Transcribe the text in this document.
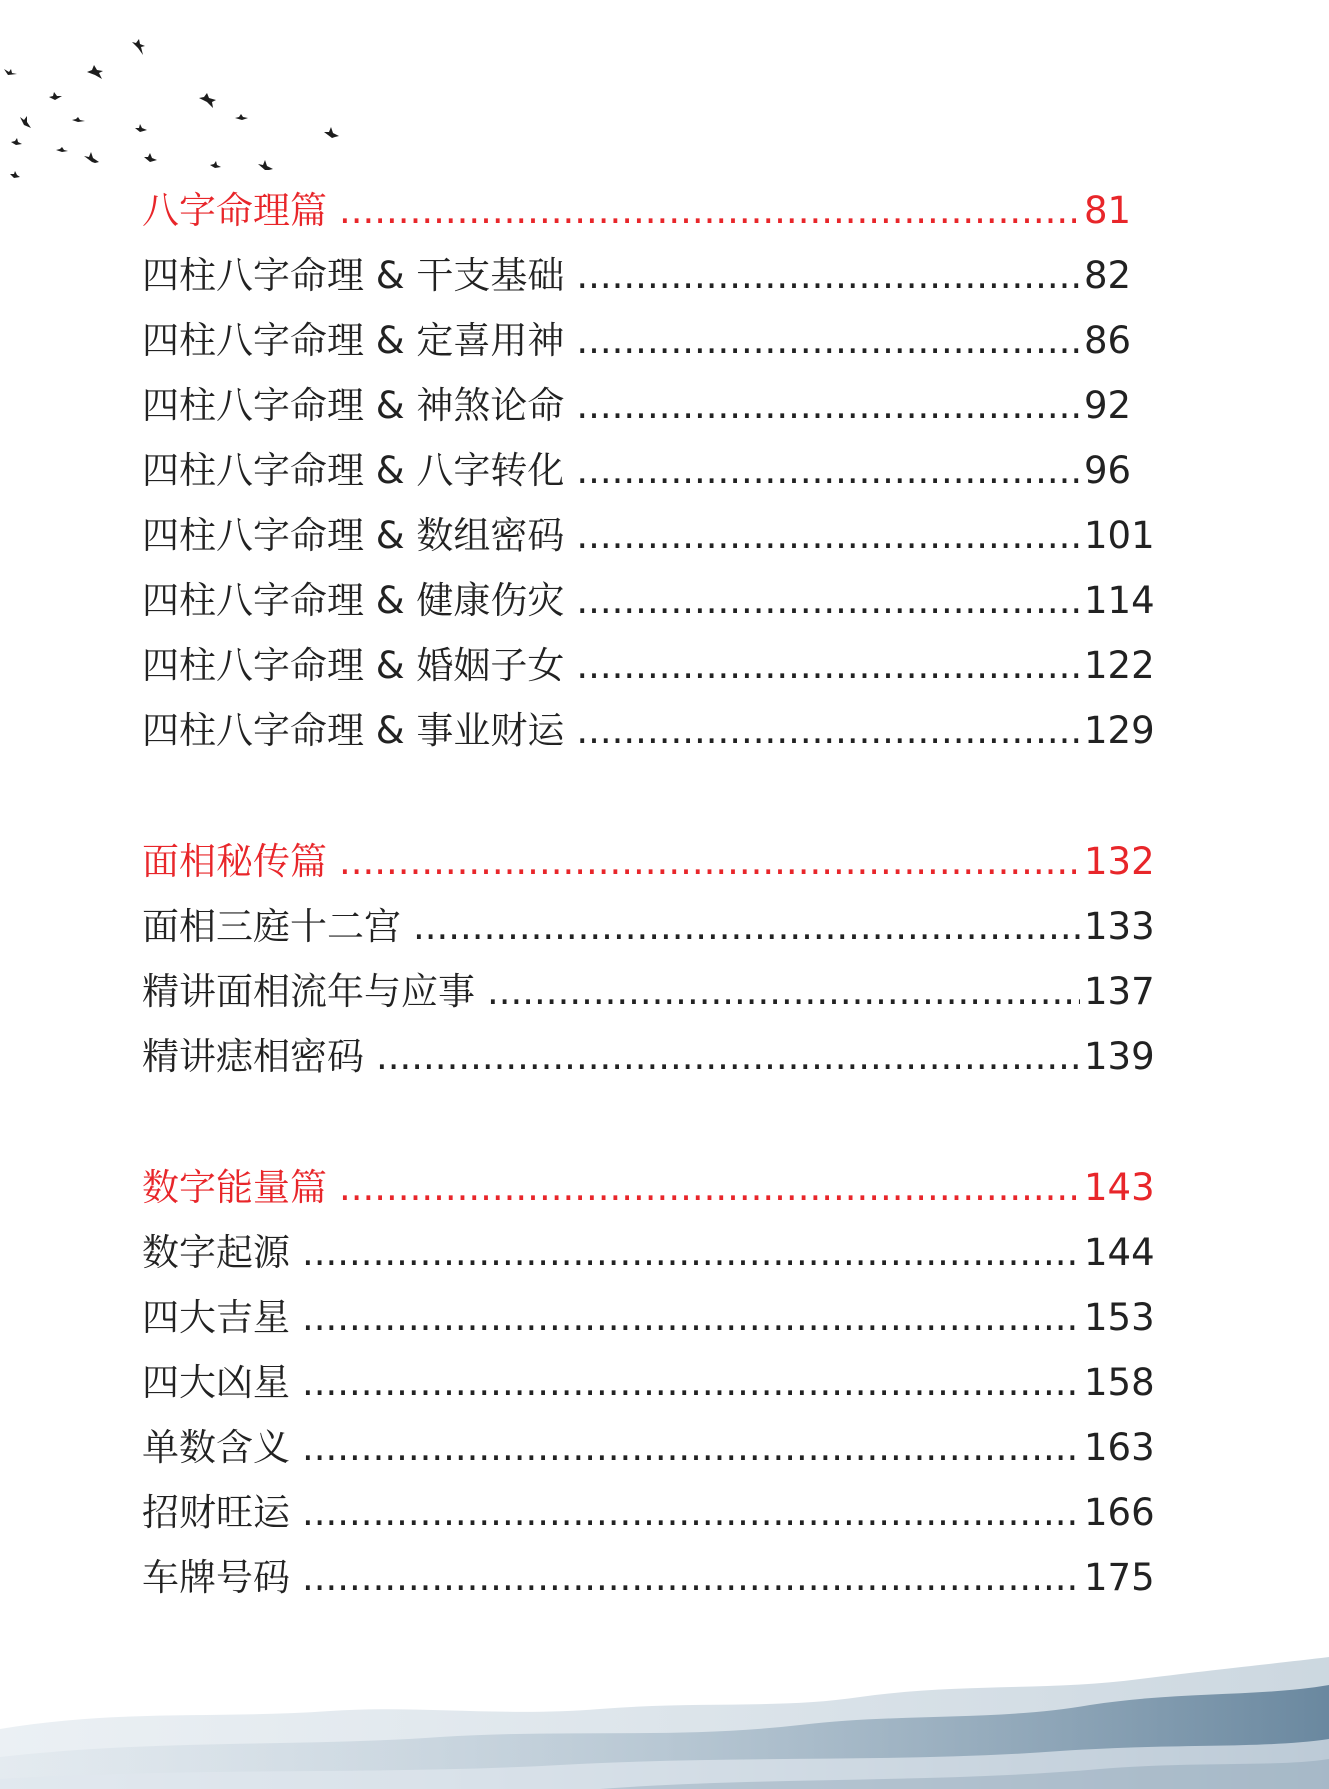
八字命理篇 .....	81
四柱八字命理 & 干支基础 .....	82
四柱八字命理 & 定喜用神 .....	86
四柱八字命理 & 神煞论命 .....	92
四柱八字命理 & 八字转化 .....	96
四柱八字命理 & 数组密码 .....	101
四柱八字命理 & 健康伤灾 .....	114
四柱八字命理 & 婚姻子女 .....	122
四柱八字命理 & 事业财运 .....	129
面相秘传篇 .....	132
面相三庭十二宫 .....	133
精讲面相流年与应事 .....	137
精讲痣相密码 .....	139
数字能量篇 .....	143
数字起源 .....	144
四大吉星 .....	153
四大凶星 .....	158
单数含义 .....	163
招财旺运 .....	166
车牌号码 .....	175
